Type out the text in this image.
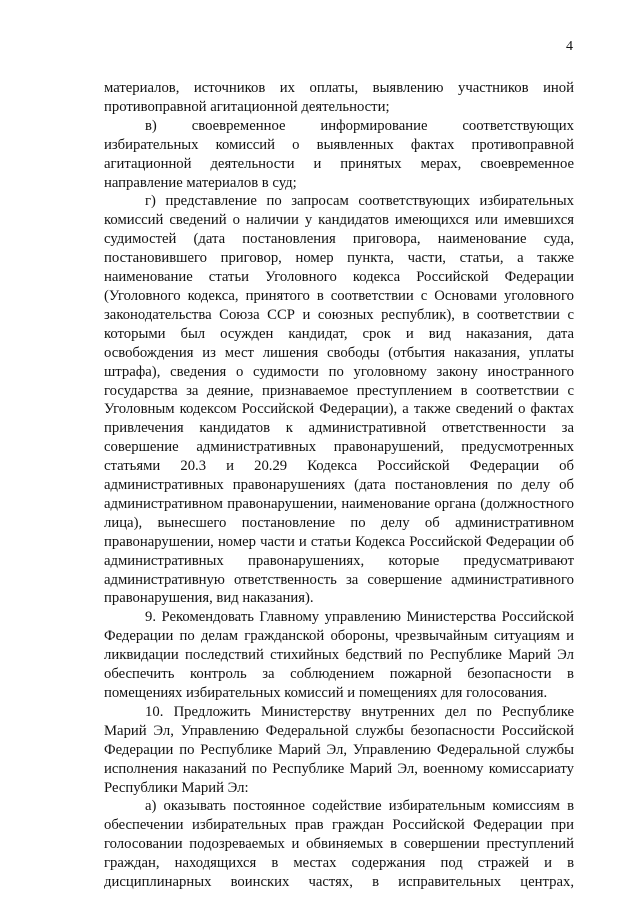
4

материалов, источников их оплаты, выявлению участников иной противоправной агитационной деятельности;

в) своевременное информирование соответствующих избирательных комиссий о выявленных фактах противоправной агитационной деятельности и принятых мерах, своевременное направление материалов в суд;

г) представление по запросам соответствующих избирательных комиссий сведений о наличии у кандидатов имеющихся или имевшихся судимостей (дата постановления приговора, наименование суда, постановившего приговор, номер пункта, части, статьи, а также наименование статьи Уголовного кодекса Российской Федерации (Уголовного кодекса, принятого в соответствии с Основами уголовного законодательства Союза ССР и союзных республик), в соответствии с которыми был осужден кандидат, срок и вид наказания, дата освобождения из мест лишения свободы (отбытия наказания, уплаты штрафа), сведения о судимости по уголовному закону иностранного государства за деяние, признаваемое преступлением в соответствии с Уголовным кодексом Российской Федерации), а также сведений о фактах привлечения кандидатов к административной ответственности за совершение административных правонарушений, предусмотренных статьями 20.3 и 20.29 Кодекса Российской Федерации об административных правонарушениях (дата постановления по делу об административном правонарушении, наименование органа (должностного лица), вынесшего постановление по делу об административном правонарушении, номер части и статьи Кодекса Российской Федерации об административных правонарушениях, которые предусматривают административную ответственность за совершение административного правонарушения, вид наказания).

9. Рекомендовать Главному управлению Министерства Российской Федерации по делам гражданской обороны, чрезвычайным ситуациям и ликвидации последствий стихийных бедствий по Республике Марий Эл обеспечить контроль за соблюдением пожарной безопасности в помещениях избирательных комиссий и помещениях для голосования.

10. Предложить Министерству внутренних дел по Республике Марий Эл, Управлению Федеральной службы безопасности Российской Федерации по Республике Марий Эл, Управлению Федеральной службы исполнения наказаний по Республике Марий Эл, военному комиссариату Республики Марий Эл:

а) оказывать постоянное содействие избирательным комиссиям в обеспечении избирательных прав граждан Российской Федерации при голосовании подозреваемых и обвиняемых в совершении преступлений граждан, находящихся в местах содержания под стражей и в дисциплинарных воинских частях, в исправительных центрах,
